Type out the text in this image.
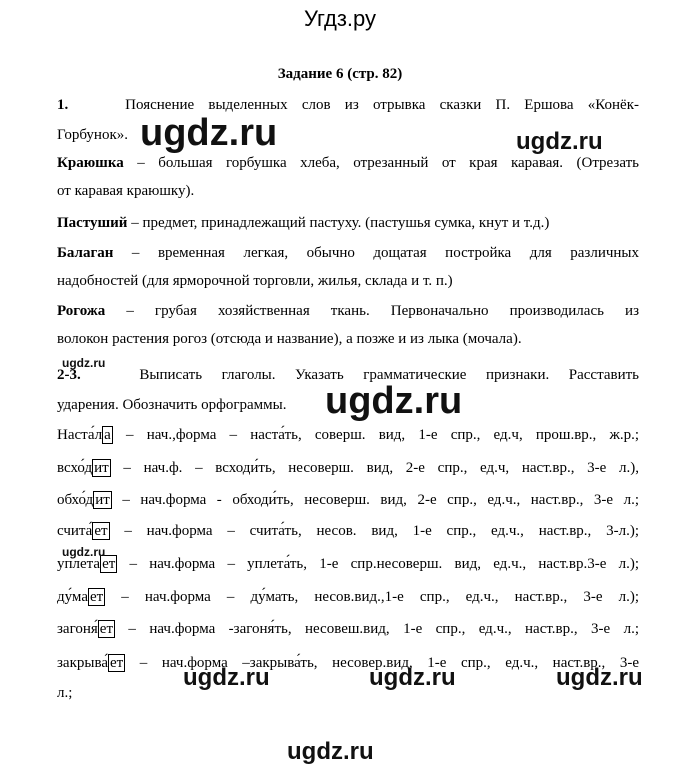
Угдз.ру
Задание 6 (стр. 82)
1.	Пояснение выделенных слов из отрывка сказки П. Ершова «Конёк-
Горбунок».
Краюшка – большая горбушка хлеба, отрезанный от края каравая. (Отрезать
от каравая краюшку).
Пастуший – предмет, принадлежащий пастуху. (пастушья сумка, кнут и т.д.)
Балаган – временная легкая, обычно дощатая постройка для различных
надобностей (для ярморочной торговли, жилья, склада и т. п.)
Рогожа – грубая хозяйственная ткань. Первоначально производилась из
волокон растения рогоз (отсюда и название), а позже и из лыка (мочала).
2-3.	Выписать глаголы. Указать грамматические признаки. Расставить
ударения. Обозначить орфограммы.
Наста́л а – нач.,форма – наста́ть, соверш. вид, 1-е спр., ед.ч, прош.вр., ж.р.;
всхо́д ит – нач.ф. – всходи́ть, несоверш. вид, 2-е спр., ед.ч, наст.вр., 3-е л.),
обхо́д ит – нач.форма - обходи́ть, несоверш. вид, 2-е спр., ед.ч., наст.вр., 3-е л.;
счита́ ет – нач.форма – счита́ть, несов. вид, 1-е спр., ед.ч., наст.вр., 3-л.);
уплета ет – нач.форма – уплета́ть, 1-е спр.несоверш. вид, ед.ч., наст.вр.3-е л.);
ду́ма ет – нач.форма – ду́мать, несов.вид.,1-е спр., ед.ч., наст.вр., 3-е л.);
загоня́ ет – нач.форма -загоня́ть, несовеш.вид, 1-е спр., ед.ч., наст.вр., 3-е л.;
закрыва́ ет – нач.форма –закрыва́ть, несовер.вид, 1-е спр., ед.ч., наст.вр., 3-е
л.;
ugdz.ru	ugdz.ru
ugdz.ru
ugdz.ru
ugdz.ru
ugdz.ru	ugdz.ru	ugdz.ru
ugdz.ru
